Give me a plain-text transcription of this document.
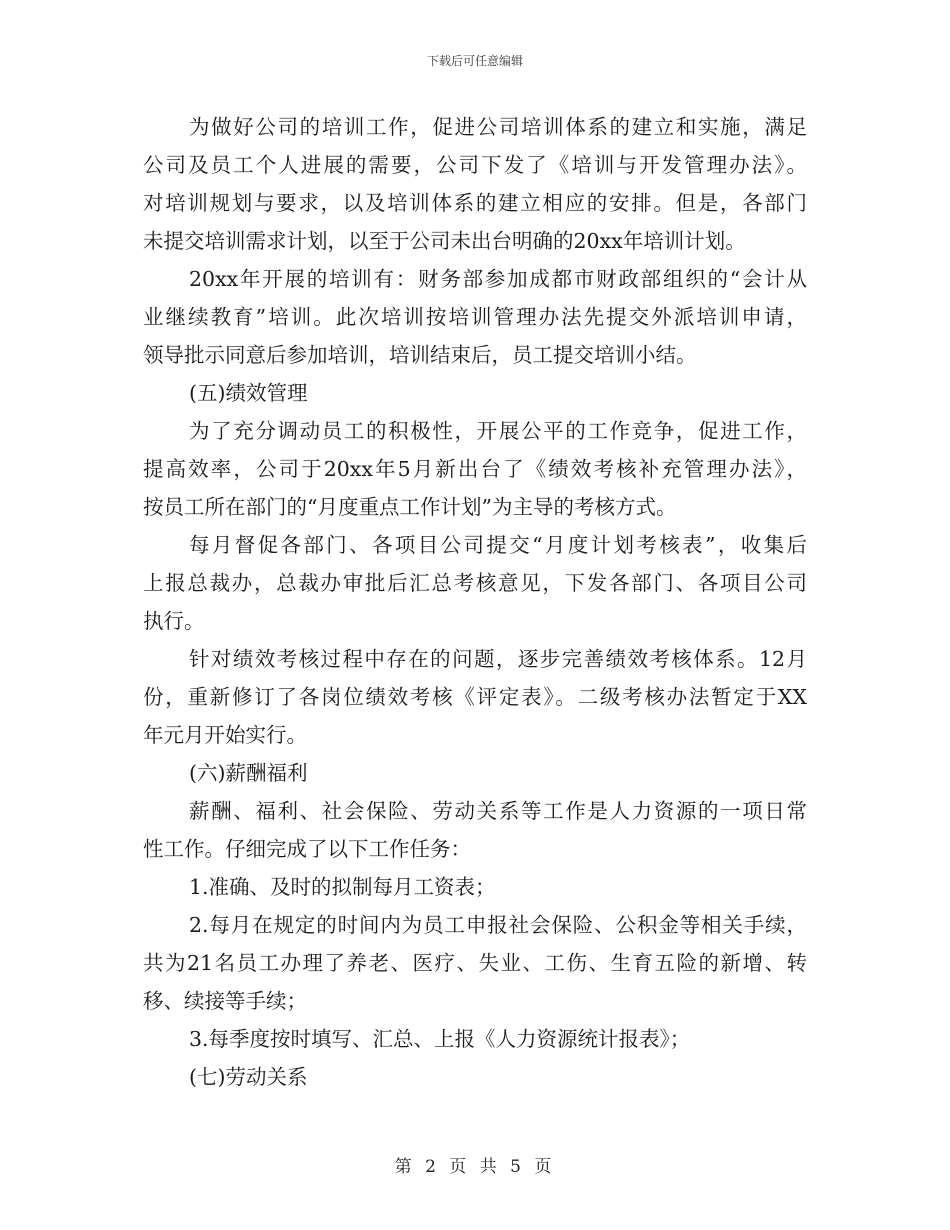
下载后可任意编辑
为做好公司的培训工作，促进公司培训体系的建立和实施，满足
公司及员工个人进展的需要，公司下发了《培训与开发管理办法》。
对培训规划与要求，以及培训体系的建立相应的安排。但是，各部门
未提交培训需求计划，以至于公司未出台明确的20xx年培训计划。
20xx年开展的培训有：财务部参加成都市财政部组织的“会计从
业继续教育”培训。此次培训按培训管理办法先提交外派培训申请，
领导批示同意后参加培训，培训结束后，员工提交培训小结。
(五)绩效管理
为了充分调动员工的积极性，开展公平的工作竞争，促进工作，
提高效率，公司于20xx年5月新出台了《绩效考核补充管理办法》，
按员工所在部门的“月度重点工作计划”为主导的考核方式。
每月督促各部门、各项目公司提交“月度计划考核表”，收集后
上报总裁办，总裁办审批后汇总考核意见，下发各部门、各项目公司
执行。
针对绩效考核过程中存在的问题，逐步完善绩效考核体系。12月
份，重新修订了各岗位绩效考核《评定表》。二级考核办法暂定于XX
年元月开始实行。
(六)薪酬福利
薪酬、福利、社会保险、劳动关系等工作是人力资源的一项日常
性工作。仔细完成了以下工作任务：
1.准确、及时的拟制每月工资表；
2.每月在规定的时间内为员工申报社会保险、公积金等相关手续，
共为21名员工办理了养老、医疗、失业、工伤、生育五险的新增、转
移、续接等手续；
3.每季度按时填写、汇总、上报《人力资源统计报表》；
(七)劳动关系
第 2 页 共 5 页
